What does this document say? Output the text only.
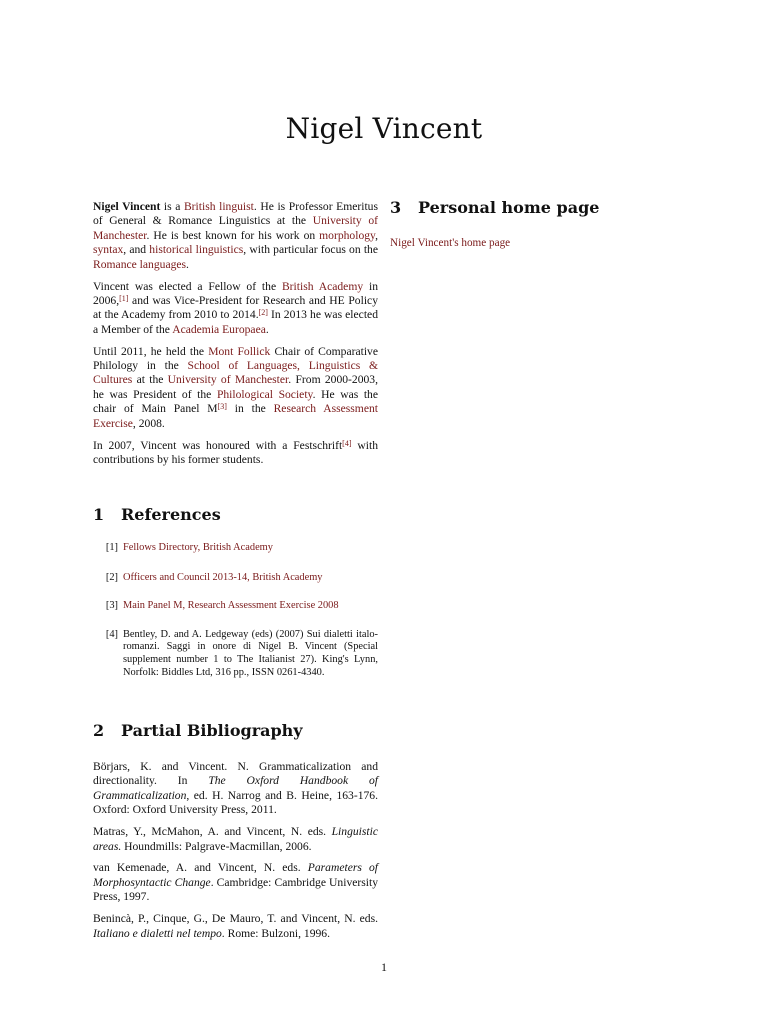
Nigel Vincent

Nigel Vincent is a British linguist. He is Professor Emeritus of General & Romance Linguistics at the University of Manchester. He is best known for his work on morphology, syntax, and historical linguistics, with particular focus on the Romance languages.

Vincent was elected a Fellow of the British Academy in 2006,[1] and was Vice-President for Research and HE Policy at the Academy from 2010 to 2014.[2] In 2013 he was elected a Member of the Academia Europaea.

Until 2011, he held the Mont Follick Chair of Comparative Philology in the School of Languages, Linguistics & Cultures at the University of Manchester. From 2000-2003, he was President of the Philological Society. He was the chair of Main Panel M[3] in the Research Assessment Exercise, 2008.

In 2007, Vincent was honoured with a Festschrift[4] with contributions by his former students.

1	References
[1] Fellows Directory, British Academy
[2] Officers and Council 2013-14, British Academy
[3] Main Panel M, Research Assessment Exercise 2008
[4] Bentley, D. and A. Ledgeway (eds) (2007) Sui dialetti italo-romanzi. Saggi in onore di Nigel B. Vincent (Special supplement number 1 to The Italianist 27). King's Lynn, Norfolk: Biddles Ltd, 316 pp., ISSN 0261-4340.
2	Partial Bibliography

Börjars, K. and Vincent. N. Grammaticalization and directionality. In The Oxford Handbook of Grammaticalization, ed. H. Narrog and B. Heine, 163-176. Oxford: Oxford University Press, 2011.

Matras, Y., McMahon, A. and Vincent, N. eds. Linguistic areas. Houndmills: Palgrave-Macmillan, 2006.

van Kemenade, A. and Vincent, N. eds. Parameters of Morphosyntactic Change. Cambridge: Cambridge University Press, 1997.

Benincà, P., Cinque, G., De Mauro, T. and Vincent, N. eds. Italiano e dialetti nel tempo. Rome: Bulzoni, 1996.

3	Personal home page

Nigel Vincent's home page

1
